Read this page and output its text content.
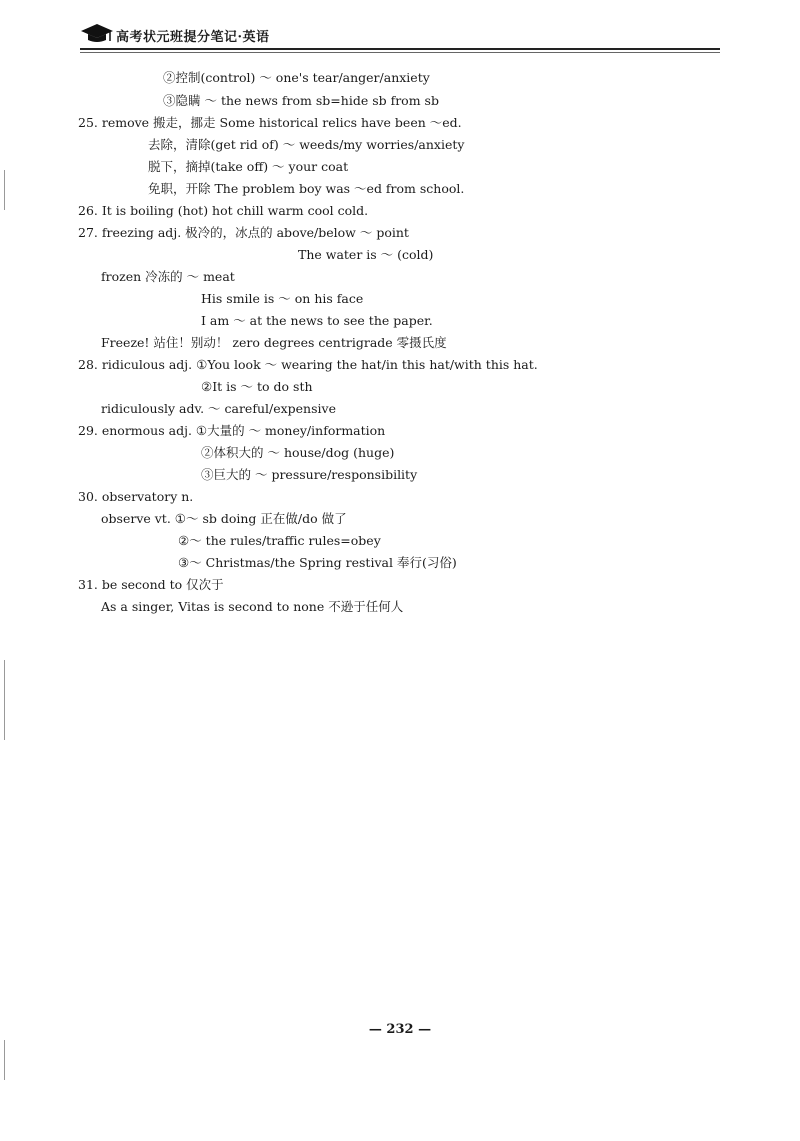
高考状元班提分笔记·英语
②控制(control) ～ one's tear/anger/anxiety
③隐瞒 ～ the news from sb=hide sb from sb
25. remove 搬走，挪走 Some historical relics have been ～ed.
去除，清除(get rid of) ～ weeds/my worries/anxiety
脱下，摘掉(take off) ～ your coat
免职，开除 The problem boy was ～ed from school.
26. It is boiling (hot) hot chill warm cool cold.
27. freezing adj. 极冷的，冰点的 above/below ～ point
The water is ～ (cold)
frozen 冷冻的 ～ meat
His smile is ～ on his face
I am ～ at the news to see the paper.
Freeze! 站住！别动！ zero degrees centrigrade 零摄氏度
28. ridiculous adj. ①You look ～ wearing the hat/in this hat/with this hat.
②It is ～ to do sth
ridiculously adv. ～ careful/expensive
29. enormous adj. ①大量的 ～ money/information
②体积大的 ～ house/dog (huge)
③巨大的 ～ pressure/responsibility
30. observatory n.
observe vt. ①～ sb doing 正在做/do 做了
②～ the rules/traffic rules=obey
③～ Christmas/the Spring restival 奉行(习俗)
31. be second to 仅次于
As a singer, Vitas is second to none 不逊于任何人
— 232 —
